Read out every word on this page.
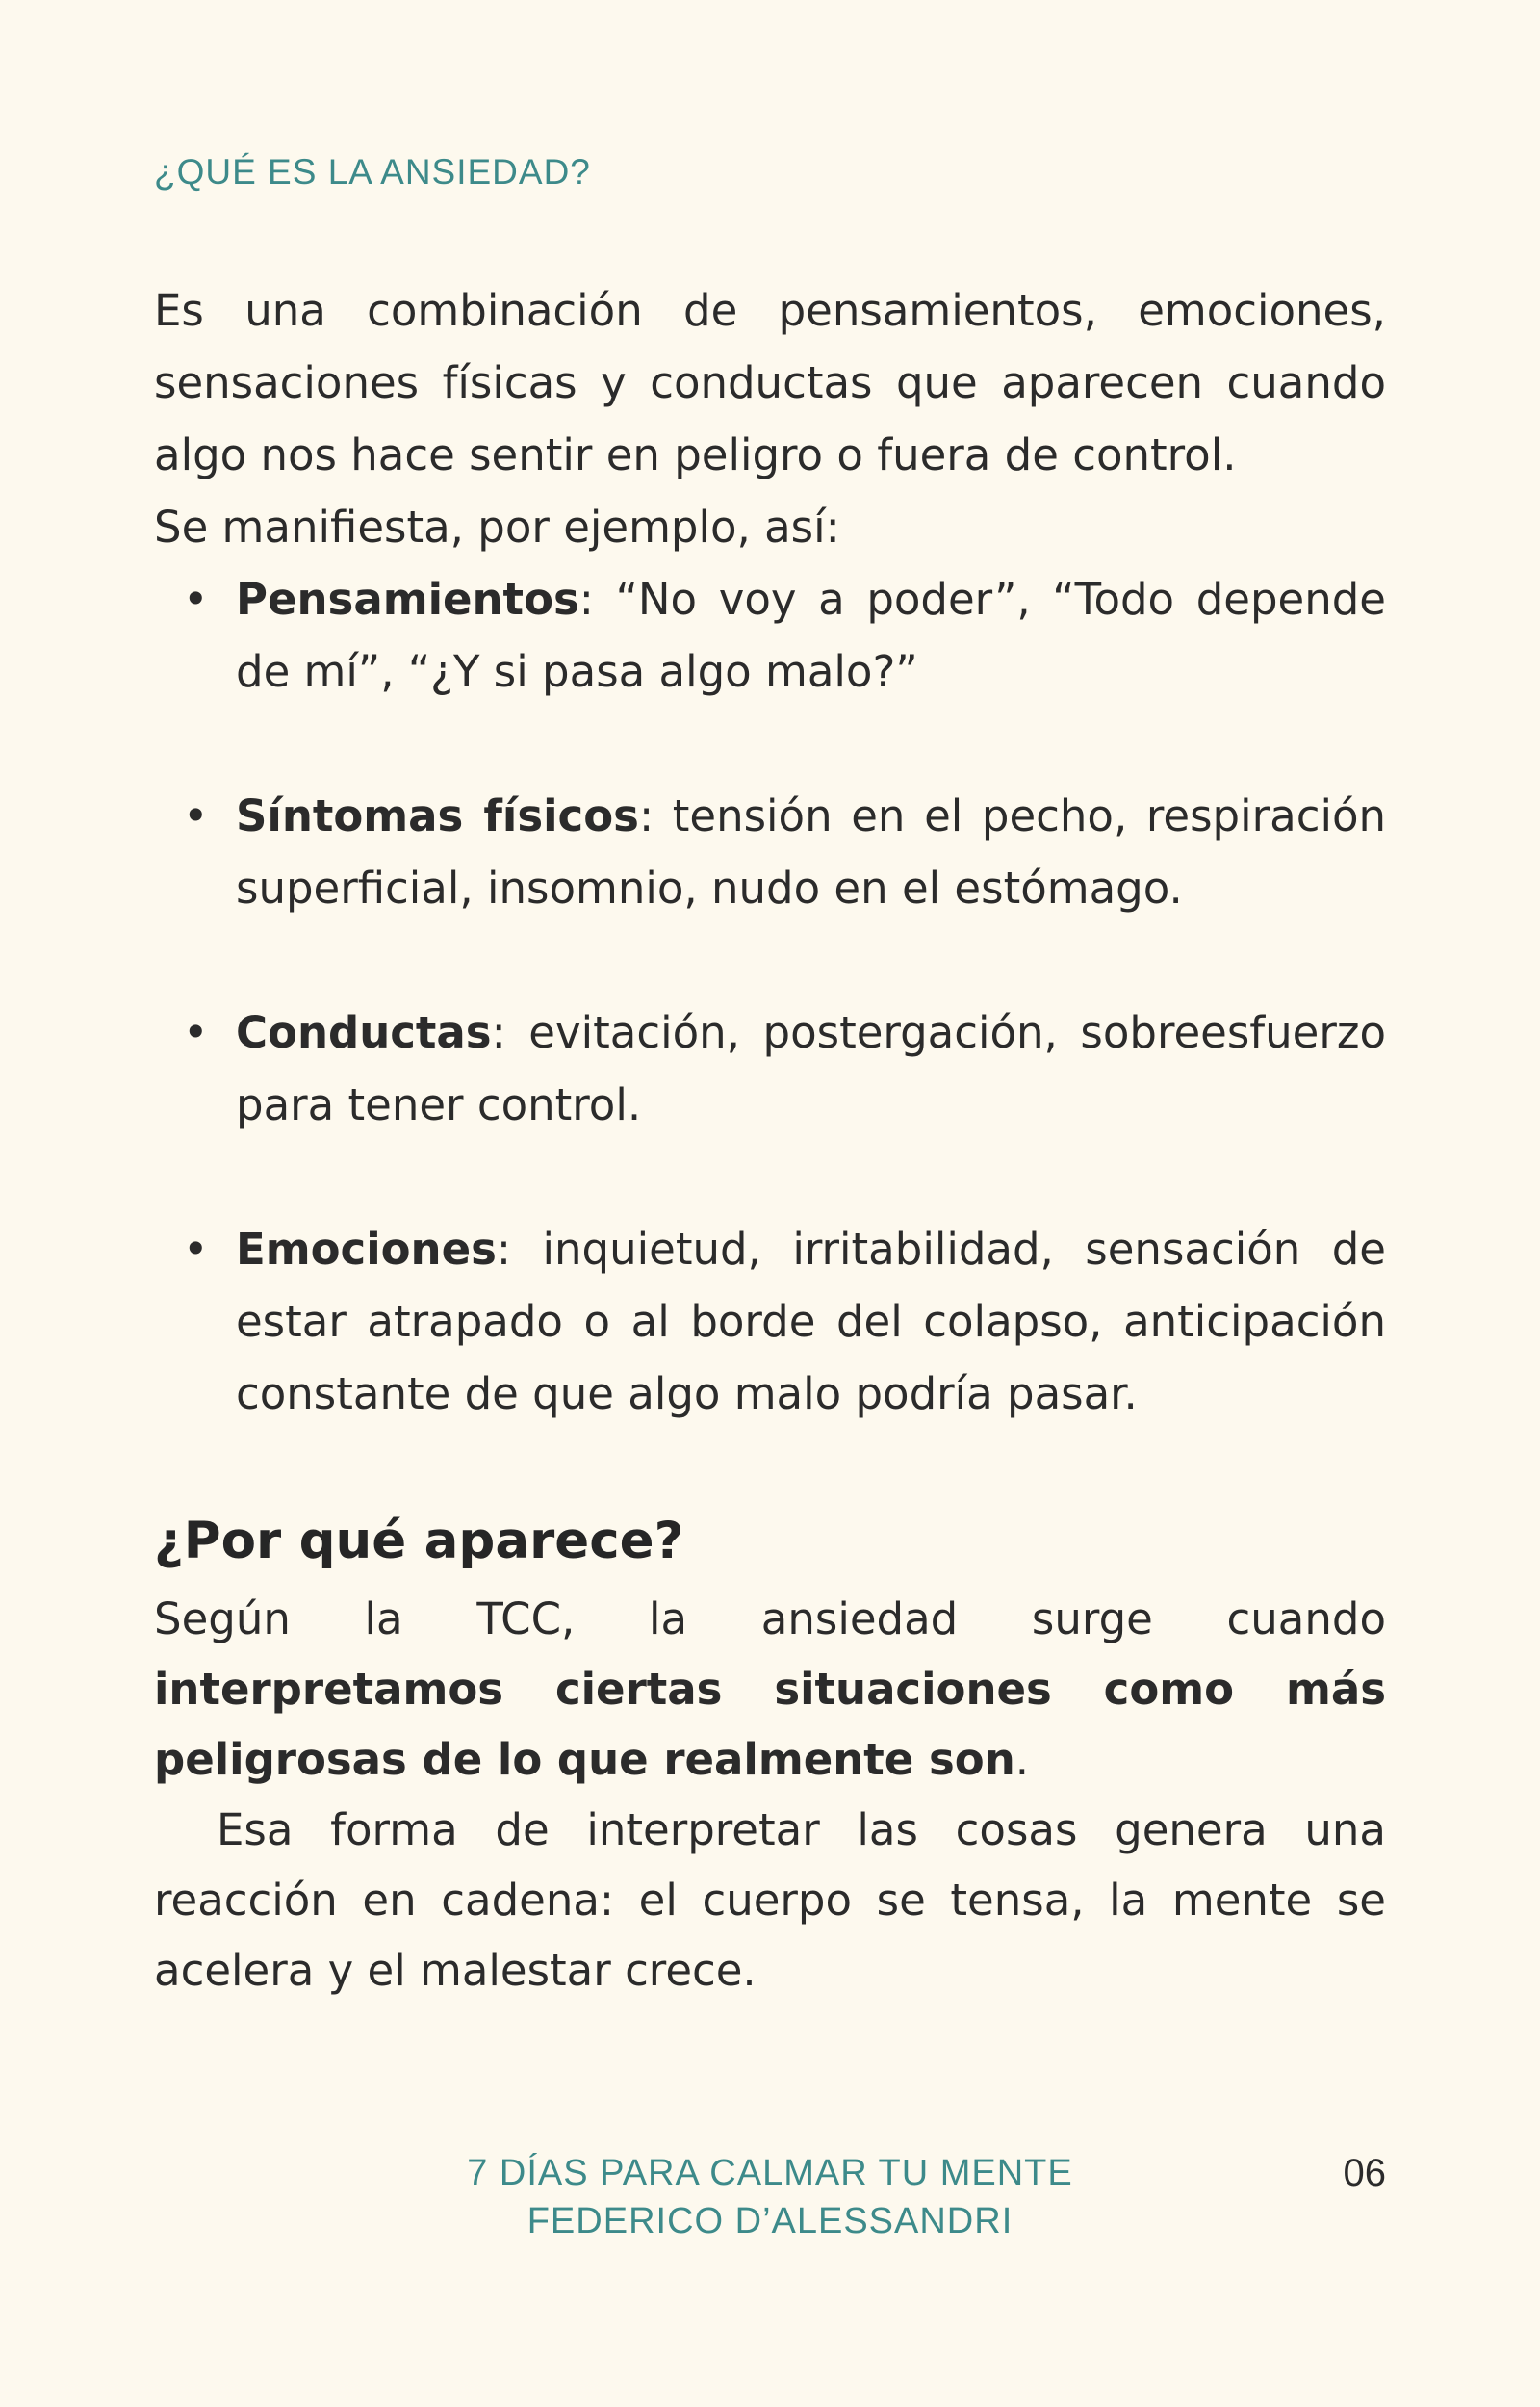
¿QUÉ ES LA ANSIEDAD?

Es una combinación de pensamientos, emociones, sensaciones físicas y conductas que aparecen cuando algo nos hace sentir en peligro o fuera de control.

Se manifiesta, por ejemplo, así:

• Pensamientos: “No voy a poder”, “Todo depende de mí”, “¿Y si pasa algo malo?”
• Síntomas físicos: tensión en el pecho, respiración superficial, insomnio, nudo en el estómago.
• Conductas: evitación, postergación, sobreesfuerzo para tener control.
• Emociones: inquietud, irritabilidad, sensación de estar atrapado o al borde del colapso, anticipación constante de que algo malo podría pasar.
¿Por qué aparece?

Según la TCC, la ansiedad surge cuando interpretamos ciertas situaciones como más peligrosas de lo que realmente son.

Esa forma de interpretar las cosas genera una reacción en cadena: el cuerpo se tensa, la mente se acelera y el malestar crece.

7 DÍAS PARA CALMAR TU MENTE
FEDERICO D’ALESSANDRI
06
